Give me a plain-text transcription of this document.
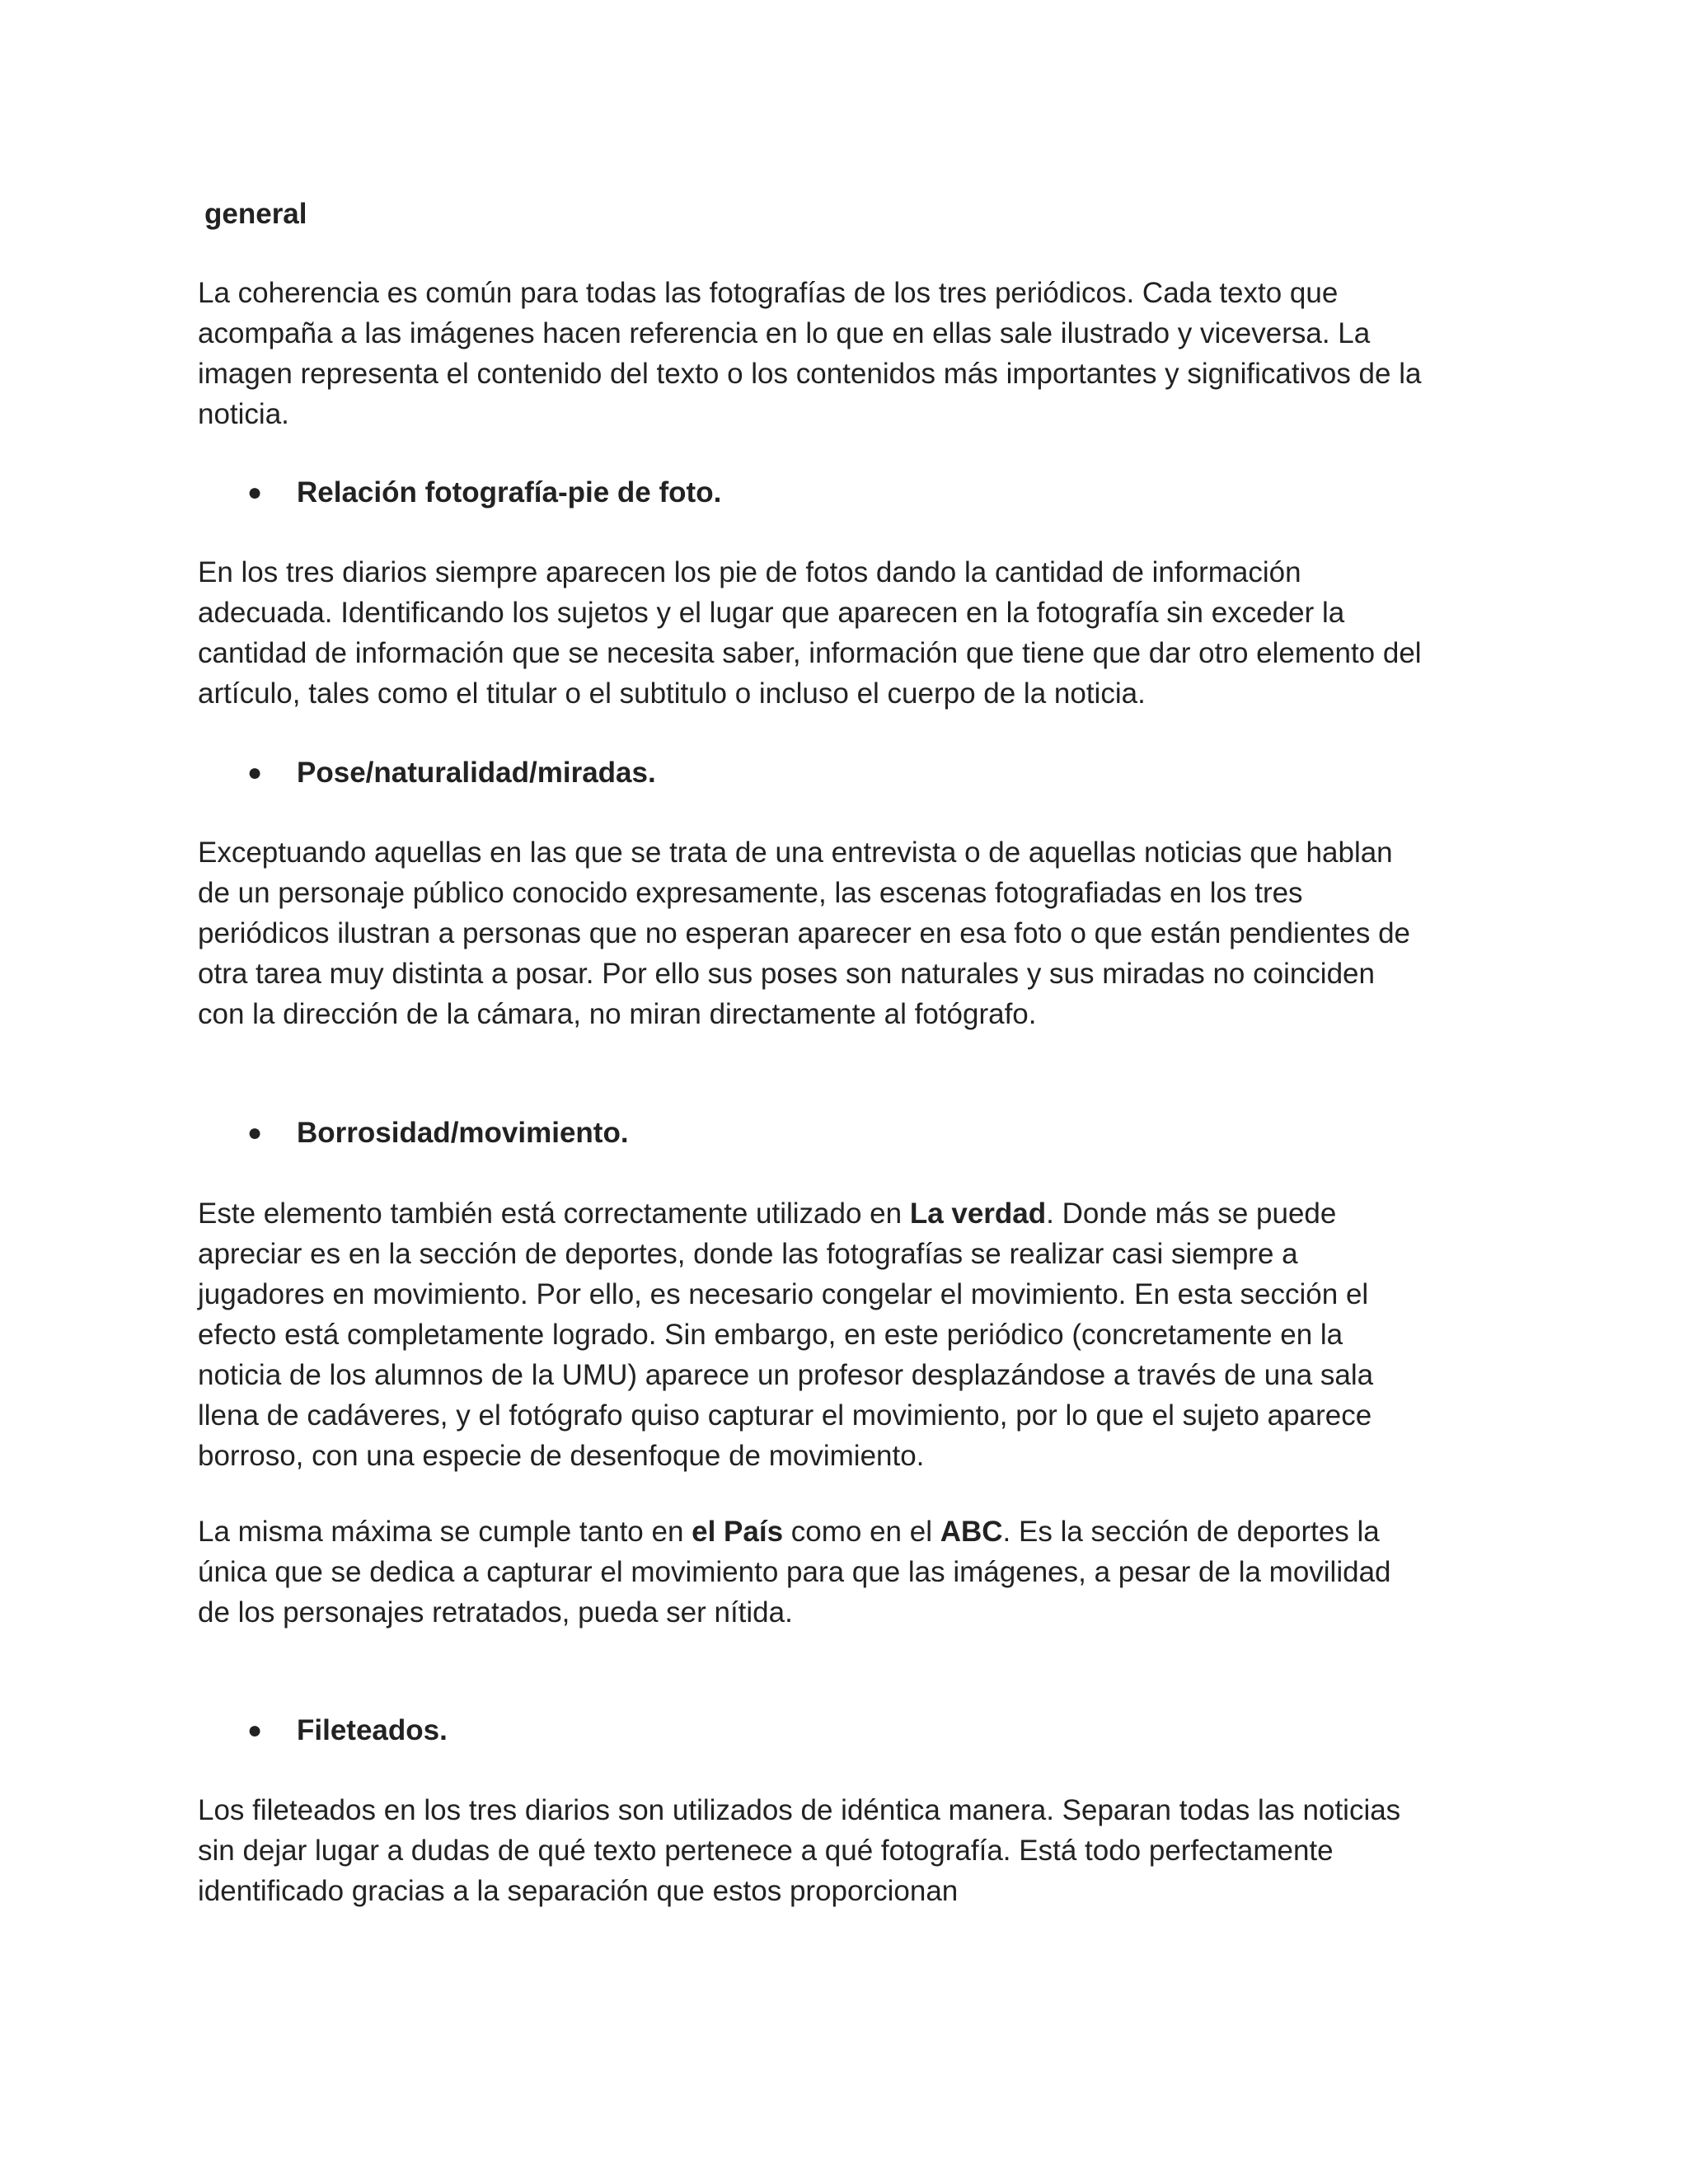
general

La coherencia es común para todas las fotografías de los tres periódicos. Cada texto que
acompaña a las imágenes hacen referencia en lo que en ellas sale ilustrado y viceversa. La
imagen representa el contenido del texto o los contenidos más importantes y significativos de la
noticia.

● Relación fotografía-pie de foto.

En los tres diarios siempre aparecen los pie de fotos dando la cantidad de información
adecuada. Identificando los sujetos y el lugar que aparecen en la fotografía sin exceder la
cantidad de información que se necesita saber, información que tiene que dar otro elemento del
artículo, tales como el titular o el subtitulo o incluso el cuerpo de la noticia.

● Pose/naturalidad/miradas.

Exceptuando aquellas en las que se trata de una entrevista o de aquellas noticias que hablan
de un personaje público conocido expresamente, las escenas fotografiadas en los tres
periódicos ilustran a personas que no esperan aparecer en esa foto o que están pendientes de
otra tarea muy distinta a posar. Por ello sus poses son naturales y sus miradas no coinciden
con la dirección de la cámara, no miran directamente al fotógrafo.

● Borrosidad/movimiento.

Este elemento también está correctamente utilizado en La verdad. Donde más se puede
apreciar es en la sección de deportes, donde las fotografías se realizar casi siempre a
jugadores en movimiento. Por ello, es necesario congelar el movimiento. En esta sección el
efecto está completamente logrado. Sin embargo, en este periódico (concretamente en la
noticia de los alumnos de la UMU) aparece un profesor desplazándose a través de una sala
llena de cadáveres, y el fotógrafo quiso capturar el movimiento, por lo que el sujeto aparece
borroso, con una especie de desenfoque de movimiento.

La misma máxima se cumple tanto en el País como en el ABC. Es la sección de deportes la
única que se dedica a capturar el movimiento para que las imágenes, a pesar de la movilidad
de los personajes retratados, pueda ser nítida.

● Fileteados.

Los fileteados en los tres diarios son utilizados de idéntica manera. Separan todas las noticias
sin dejar lugar a dudas de qué texto pertenece a qué fotografía. Está todo perfectamente
identificado gracias a la separación que estos proporcionan
